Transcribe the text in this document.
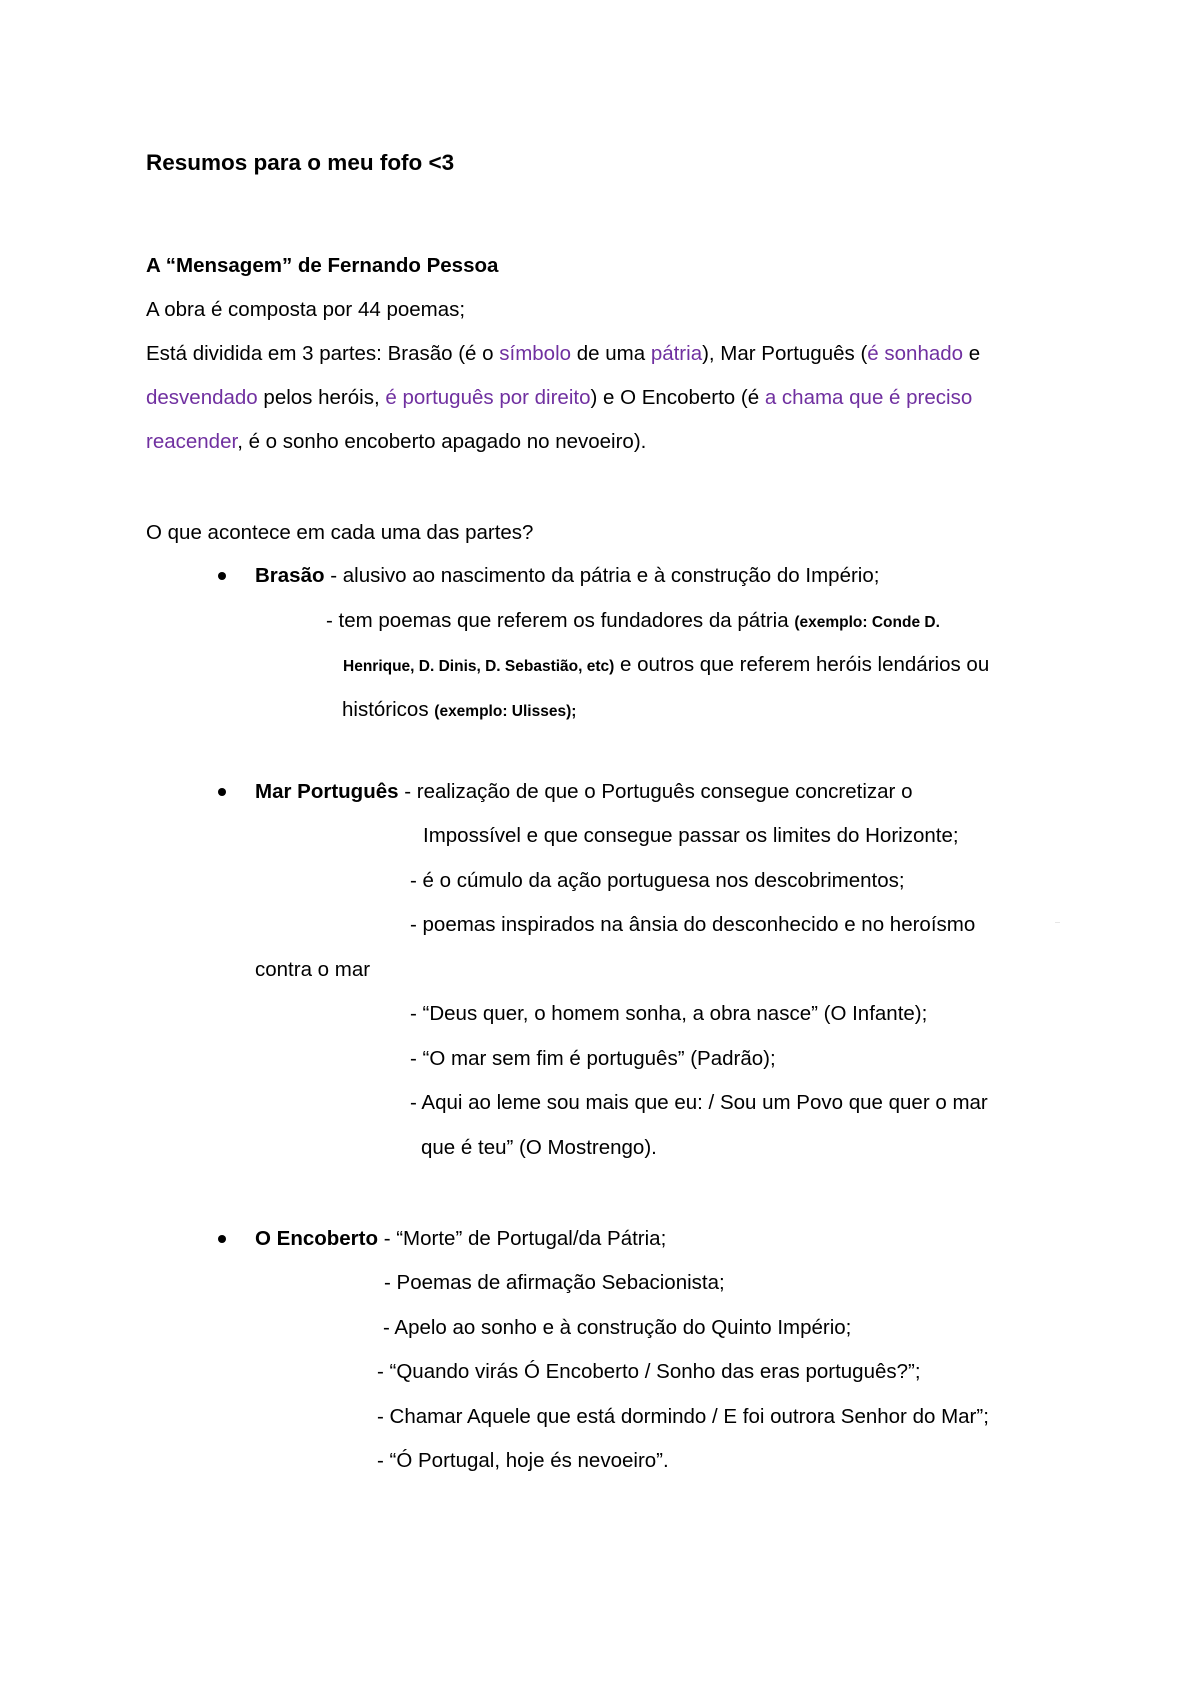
Resumos para o meu fofo <3
A “Mensagem” de Fernando Pessoa
A obra é composta por 44 poemas;
Está dividida em 3 partes: Brasão (é o símbolo de uma pátria), Mar Português (é sonhado e
desvendado pelos heróis, é português por direito) e O Encoberto (é a chama que é preciso
reacender, é o sonho encoberto apagado no nevoeiro).
O que acontece em cada uma das partes?
Brasão - alusivo ao nascimento da pátria e à construção do Império;
- tem poemas que referem os fundadores da pátria (exemplo: Conde D.
Henrique, D. Dinis, D. Sebastião, etc) e outros que referem heróis lendários ou
históricos (exemplo: Ulisses);
Mar Português - realização de que o Português consegue concretizar o
Impossível e que consegue passar os limites do Horizonte;
- é o cúmulo da ação portuguesa nos descobrimentos;
- poemas inspirados na ânsia do desconhecido e no heroísmo
contra o mar
- “Deus quer, o homem sonha, a obra nasce” (O Infante);
- “O mar sem fim é português” (Padrão);
- Aqui ao leme sou mais que eu: / Sou um Povo que quer o mar
que é teu” (O Mostrengo).
O Encoberto - “Morte” de Portugal/da Pátria;
- Poemas de afirmação Sebacionista;
- Apelo ao sonho e à construção do Quinto Império;
- “Quando virás Ó Encoberto / Sonho das eras português?”;
- Chamar Aquele que está dormindo / E foi outrora Senhor do Mar”;
- “Ó Portugal, hoje és nevoeiro”.
